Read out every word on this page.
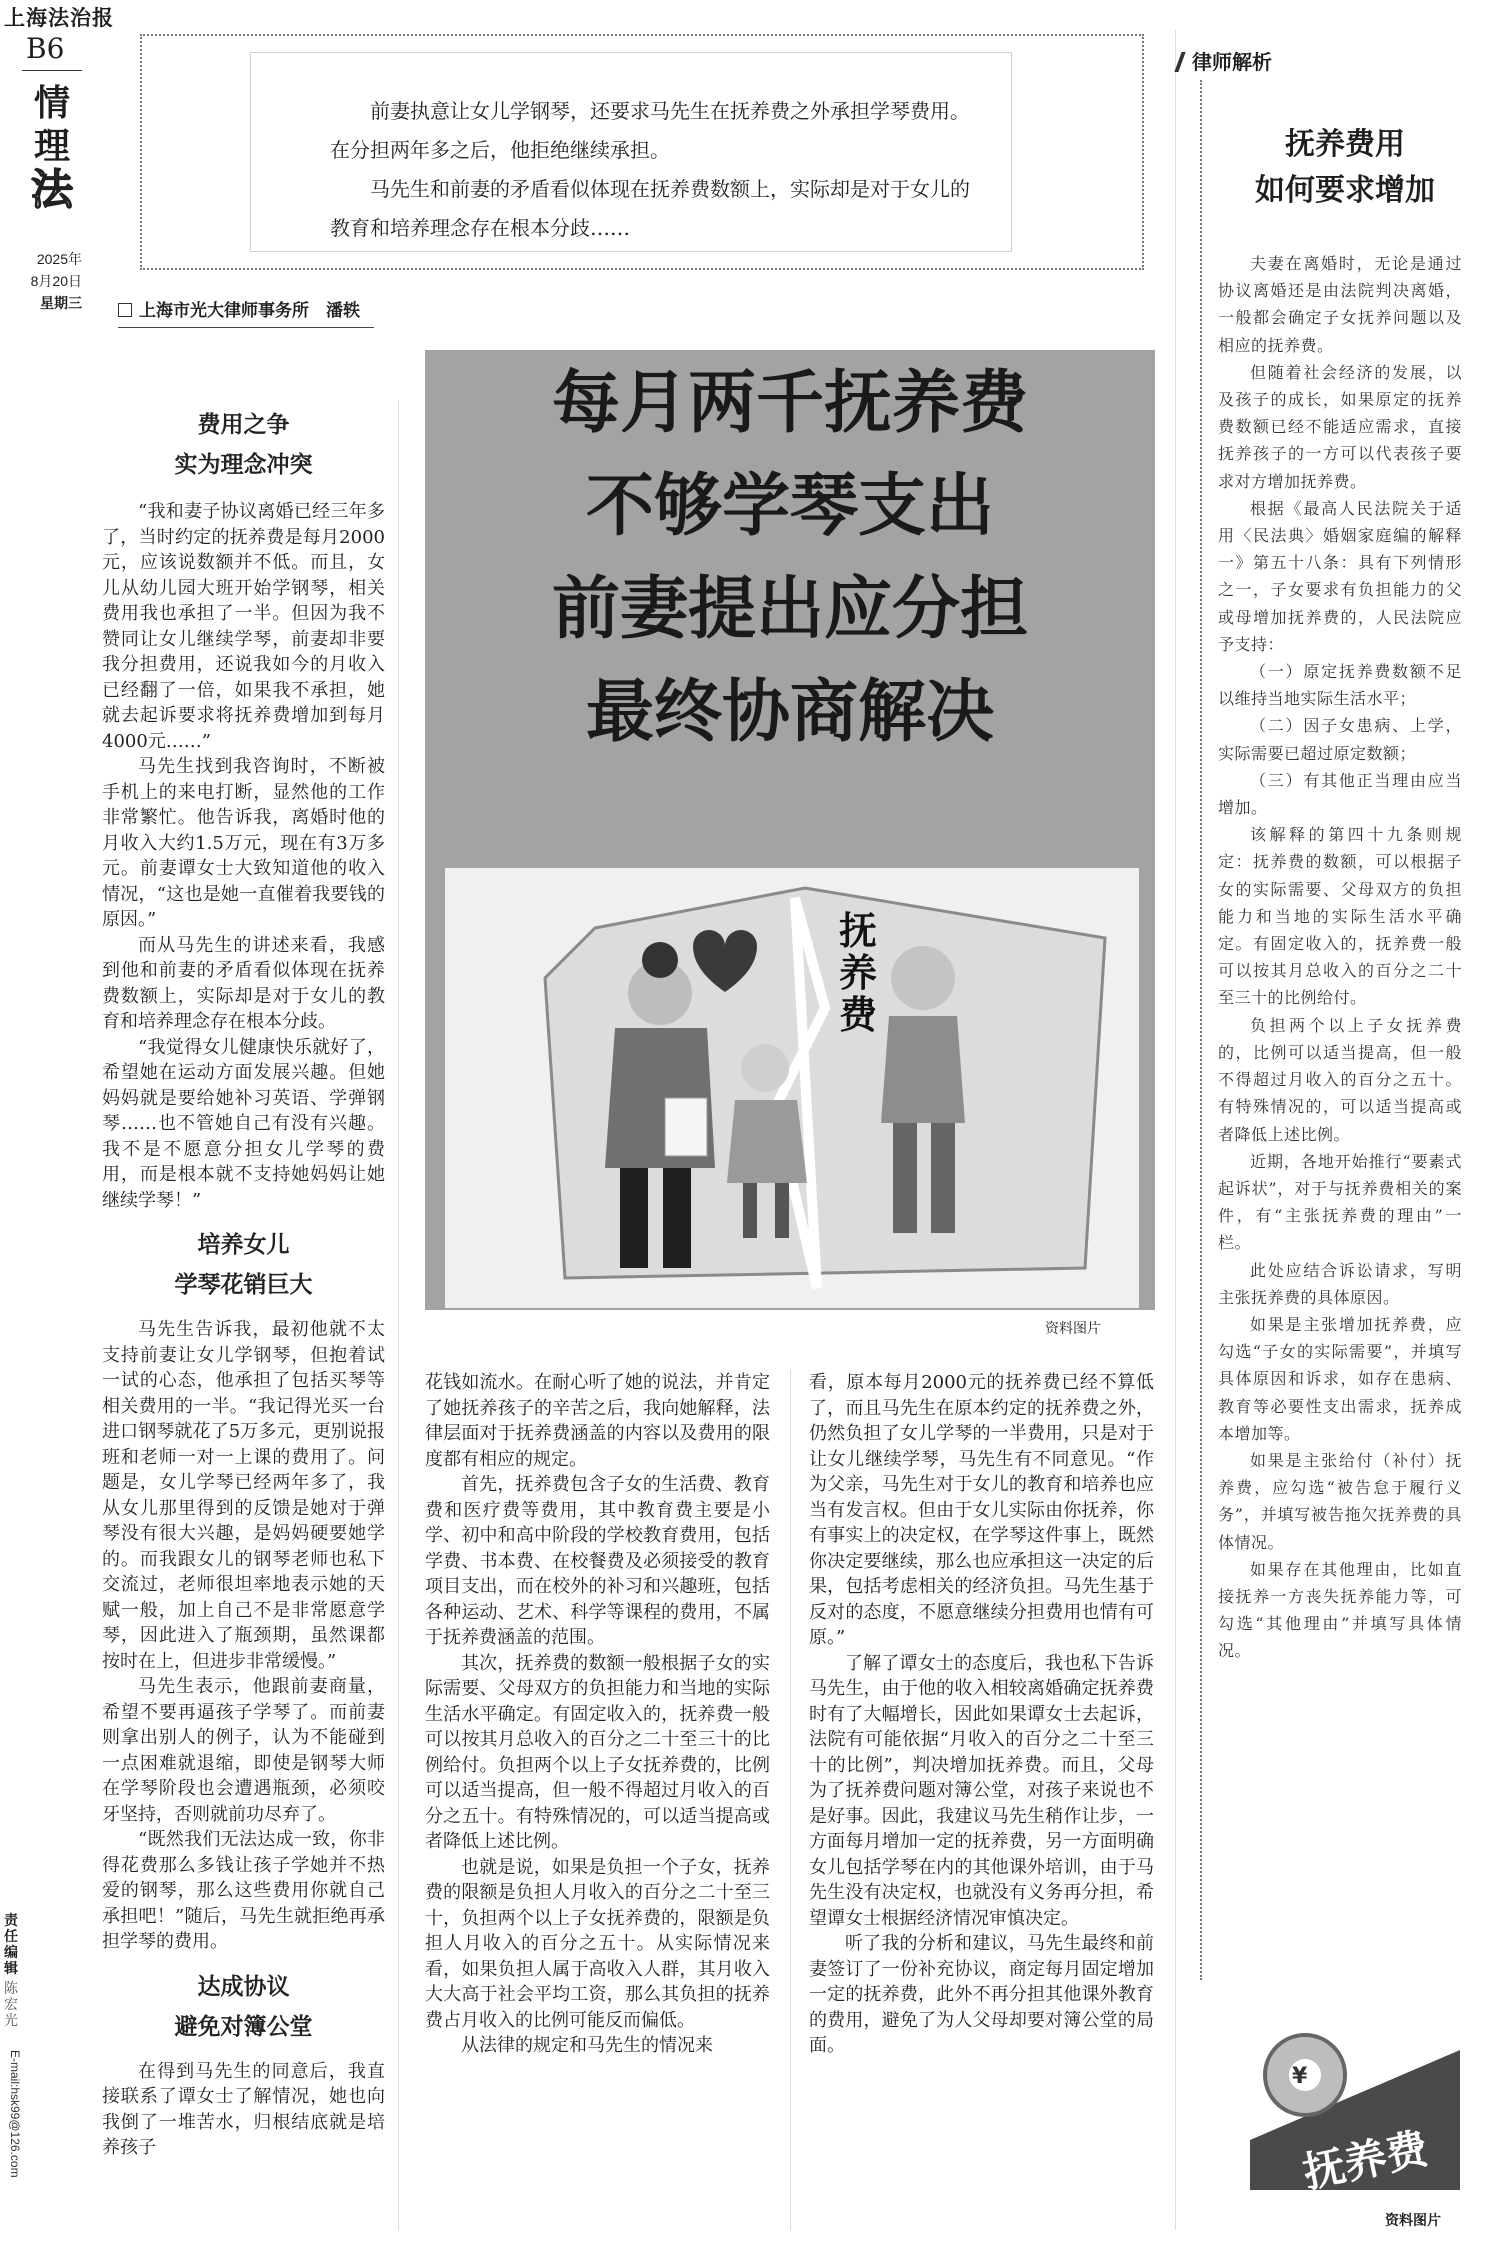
上海法治报
B6
情
理
法
2025年
8月20日
星期三
责任编辑
陈宏光
E-mail:hsk99@126.com

前妻执意让女儿学钢琴，还要求马先生在抚养费之外承担学琴费用。在分担两年多之后，他拒绝继续承担。

马先生和前妻的矛盾看似体现在抚养费数额上，实际却是对于女儿的教育和培养理念存在根本分歧……

上海市光大律师事务所　潘轶
费用之争
实为理念冲突

“我和妻子协议离婚已经三年多了，当时约定的抚养费是每月2000元，应该说数额并不低。而且，女儿从幼儿园大班开始学钢琴，相关费用我也承担了一半。但因为我不赞同让女儿继续学琴，前妻却非要我分担费用，还说我如今的月收入已经翻了一倍，如果我不承担，她就去起诉要求将抚养费增加到每月4000元……”

马先生找到我咨询时，不断被手机上的来电打断，显然他的工作非常繁忙。他告诉我，离婚时他的月收入大约1.5万元，现在有3万多元。前妻谭女士大致知道他的收入情况，“这也是她一直催着我要钱的原因。”

而从马先生的讲述来看，我感到他和前妻的矛盾看似体现在抚养费数额上，实际却是对于女儿的教育和培养理念存在根本分歧。

“我觉得女儿健康快乐就好了，希望她在运动方面发展兴趣。但她妈妈就是要给她补习英语、学弹钢琴……也不管她自己有没有兴趣。我不是不愿意分担女儿学琴的费用，而是根本就不支持她妈妈让她继续学琴！”

培养女儿
学琴花销巨大

马先生告诉我，最初他就不太支持前妻让女儿学钢琴，但抱着试一试的心态，他承担了包括买琴等相关费用的一半。“我记得光买一台进口钢琴就花了5万多元，更别说报班和老师一对一上课的费用了。问题是，女儿学琴已经两年多了，我从女儿那里得到的反馈是她对于弹琴没有很大兴趣，是妈妈硬要她学的。而我跟女儿的钢琴老师也私下交流过，老师很坦率地表示她的天赋一般，加上自己不是非常愿意学琴，因此进入了瓶颈期，虽然课都按时在上，但进步非常缓慢。”

马先生表示，他跟前妻商量，希望不要再逼孩子学琴了。而前妻则拿出别人的例子，认为不能碰到一点困难就退缩，即使是钢琴大师在学琴阶段也会遭遇瓶颈，必须咬牙坚持，否则就前功尽弃了。

“既然我们无法达成一致，你非得花费那么多钱让孩子学她并不热爱的钢琴，那么这些费用你就自己承担吧！”随后，马先生就拒绝再承担学琴的费用。

达成协议
避免对簿公堂

在得到马先生的同意后，我直接联系了谭女士了解情况，她也向我倒了一堆苦水，归根结底就是培养孩子

每月两千抚养费
不够学琴支出
前妻提出应分担
最终协商解决
抚
养
费
资料图片

花钱如流水。在耐心听了她的说法，并肯定了她抚养孩子的辛苦之后，我向她解释，法律层面对于抚养费涵盖的内容以及费用的限度都有相应的规定。

首先，抚养费包含子女的生活费、教育费和医疗费等费用，其中教育费主要是小学、初中和高中阶段的学校教育费用，包括学费、书本费、在校餐费及必须接受的教育项目支出，而在校外的补习和兴趣班，包括各种运动、艺术、科学等课程的费用，不属于抚养费涵盖的范围。

其次，抚养费的数额一般根据子女的实际需要、父母双方的负担能力和当地的实际生活水平确定。有固定收入的，抚养费一般可以按其月总收入的百分之二十至三十的比例给付。负担两个以上子女抚养费的，比例可以适当提高，但一般不得超过月收入的百分之五十。有特殊情况的，可以适当提高或者降低上述比例。

也就是说，如果是负担一个子女，抚养费的限额是负担人月收入的百分之二十至三十，负担两个以上子女抚养费的，限额是负担人月收入的百分之五十。从实际情况来看，如果负担人属于高收入人群，其月收入大大高于社会平均工资，那么其负担的抚养费占月收入的比例可能反而偏低。

从法律的规定和马先生的情况来

看，原本每月2000元的抚养费已经不算低了，而且马先生在原本约定的抚养费之外，仍然负担了女儿学琴的一半费用，只是对于让女儿继续学琴，马先生有不同意见。“作为父亲，马先生对于女儿的教育和培养也应当有发言权。但由于女儿实际由你抚养，你有事实上的决定权，在学琴这件事上，既然你决定要继续，那么也应承担这一决定的后果，包括考虑相关的经济负担。马先生基于反对的态度，不愿意继续分担费用也情有可原。”

了解了谭女士的态度后，我也私下告诉马先生，由于他的收入相较离婚确定抚养费时有了大幅增长，因此如果谭女士去起诉，法院有可能依据“月收入的百分之二十至三十的比例”，判决增加抚养费。而且，父母为了抚养费问题对簿公堂，对孩子来说也不是好事。因此，我建议马先生稍作让步，一方面每月增加一定的抚养费，另一方面明确女儿包括学琴在内的其他课外培训，由于马先生没有决定权，也就没有义务再分担，希望谭女士根据经济情况审慎决定。

听了我的分析和建议，马先生最终和前妻签订了一份补充协议，商定每月固定增加一定的抚养费，此外不再分担其他课外教育的费用，避免了为人父母却要对簿公堂的局面。

律师解析
抚养费用
如何要求增加

夫妻在离婚时，无论是通过协议离婚还是由法院判决离婚，一般都会确定子女抚养问题以及相应的抚养费。

但随着社会经济的发展，以及孩子的成长，如果原定的抚养费数额已经不能适应需求，直接抚养孩子的一方可以代表孩子要求对方增加抚养费。

根据《最高人民法院关于适用〈民法典〉婚姻家庭编的解释一》第五十八条：具有下列情形之一，子女要求有负担能力的父或母增加抚养费的，人民法院应予支持：

（一）原定抚养费数额不足以维持当地实际生活水平；

（二）因子女患病、上学，实际需要已超过原定数额；

（三）有其他正当理由应当增加。

该解释的第四十九条则规定：抚养费的数额，可以根据子女的实际需要、父母双方的负担能力和当地的实际生活水平确定。有固定收入的，抚养费一般可以按其月总收入的百分之二十至三十的比例给付。

负担两个以上子女抚养费的，比例可以适当提高，但一般不得超过月收入的百分之五十。有特殊情况的，可以适当提高或者降低上述比例。

近期，各地开始推行“要素式起诉状”，对于与抚养费相关的案件，有“主张抚养费的理由”一栏。

此处应结合诉讼请求，写明主张抚养费的具体原因。

如果是主张增加抚养费，应勾选“子女的实际需要”，并填写具体原因和诉求，如存在患病、教育等必要性支出需求，抚养成本增加等。

如果是主张给付（补付）抚养费，应勾选“被告怠于履行义务”，并填写被告拖欠抚养费的具体情况。

如果存在其他理由，比如直接抚养一方丧失抚养能力等，可勾选“其他理由”并填写具体情况。

¥
抚养费
资料图片
